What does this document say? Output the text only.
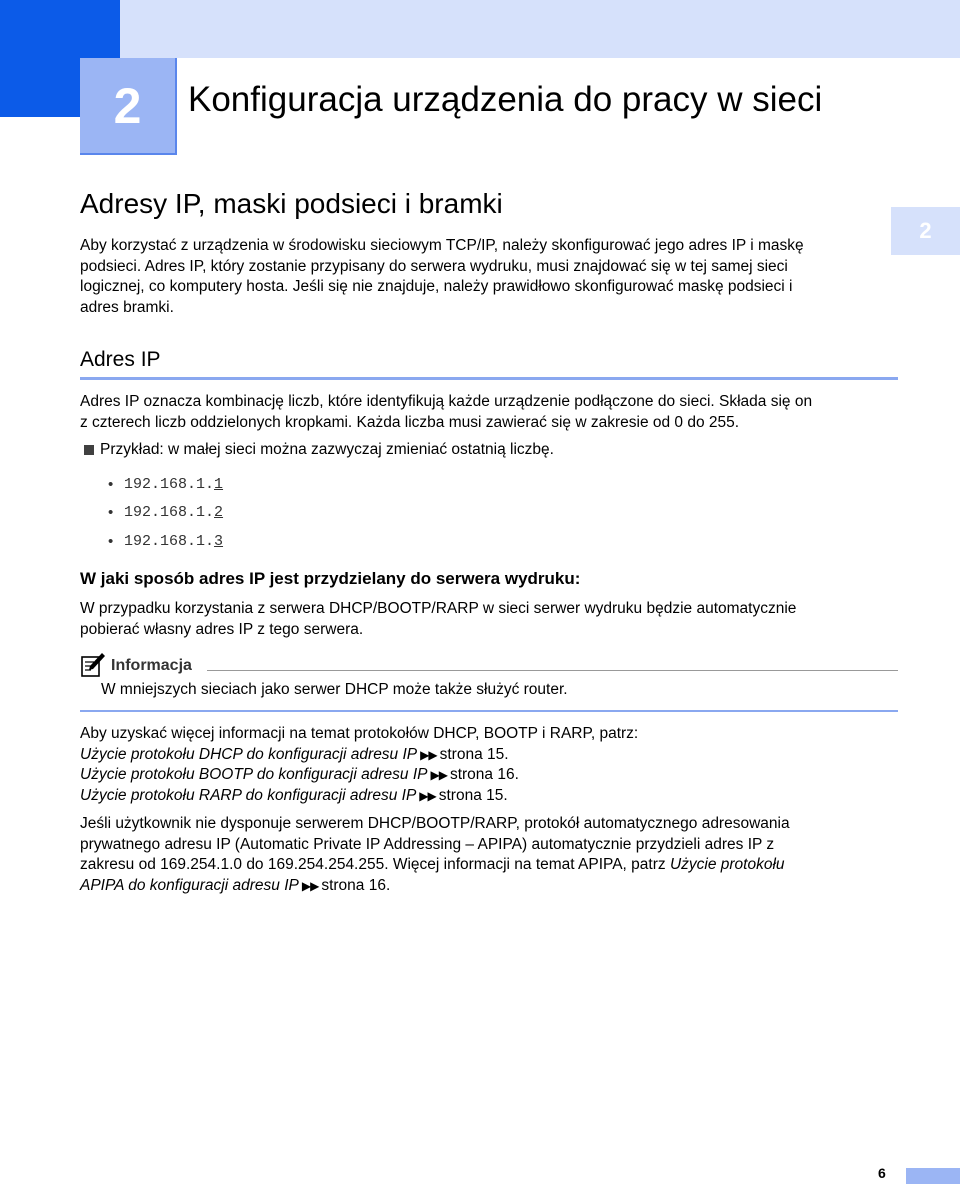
2 Konfiguracja urządzenia do pracy w sieci
2
Adresy IP, maski podsieci i bramki
Aby korzystać z urządzenia w środowisku sieciowym TCP/IP, należy skonfigurować jego adres IP i maskę
podsieci. Adres IP, który zostanie przypisany do serwera wydruku, musi znajdować się w tej samej sieci
logicznej, co komputery hosta. Jeśli się nie znajduje, należy prawidłowo skonfigurować maskę podsieci i
adres bramki.
Adres IP
Adres IP oznacza kombinację liczb, które identyfikują każde urządzenie podłączone do sieci. Składa się on
z czterech liczb oddzielonych kropkami. Każda liczba musi zawierać się w zakresie od 0 do 255.
Przykład: w małej sieci można zazwyczaj zmieniać ostatnią liczbę.
• 192.168.1. 1
• 192.168.1. 2
• 192.168.1. 3
W jaki sposób adres IP jest przydzielany do serwera wydruku:
W przypadku korzystania z serwera DHCP/BOOTP/RARP w sieci serwer wydruku będzie automatycznie
pobierać własny adres IP z tego serwera.
Informacja
W mniejszych sieciach jako serwer DHCP może także służyć router.
Aby uzyskać więcej informacji na temat protokołów DHCP, BOOTP i RARP, patrz:
Użycie protokołu DHCP do konfiguracji adresu IP ▶▶ strona 15.
Użycie protokołu BOOTP do konfiguracji adresu IP ▶▶ strona 16.
Użycie protokołu RARP do konfiguracji adresu IP ▶▶ strona 15.
Jeśli użytkownik nie dysponuje serwerem DHCP/BOOTP/RARP, protokół automatycznego adresowania
prywatnego adresu IP (Automatic Private IP Addressing – APIPA) automatycznie przydzieli adres IP z
zakresu od 169.254.1.0 do 169.254.254.255. Więcej informacji na temat APIPA, patrz Użycie protokołu
APIPA do konfiguracji adresu IP ▶▶ strona 16.
6
